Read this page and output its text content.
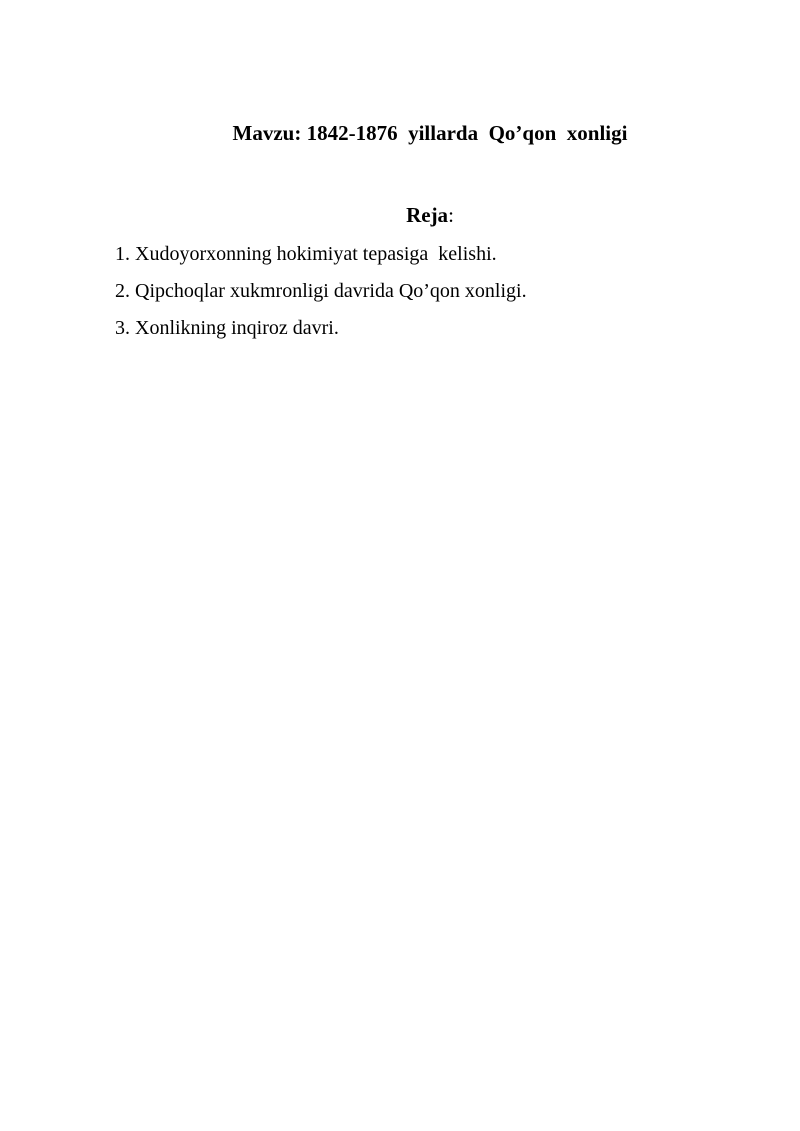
Mavzu: 1842-1876  yillarda  Qo’qon  xonligi

Reja:

1. Xudoyorxonning hokimiyat tepasiga  kelishi.
2. Qipchoqlar xukmronligi davrida Qo’qon xonligi.
3. Xonlikning inqiroz davri.
